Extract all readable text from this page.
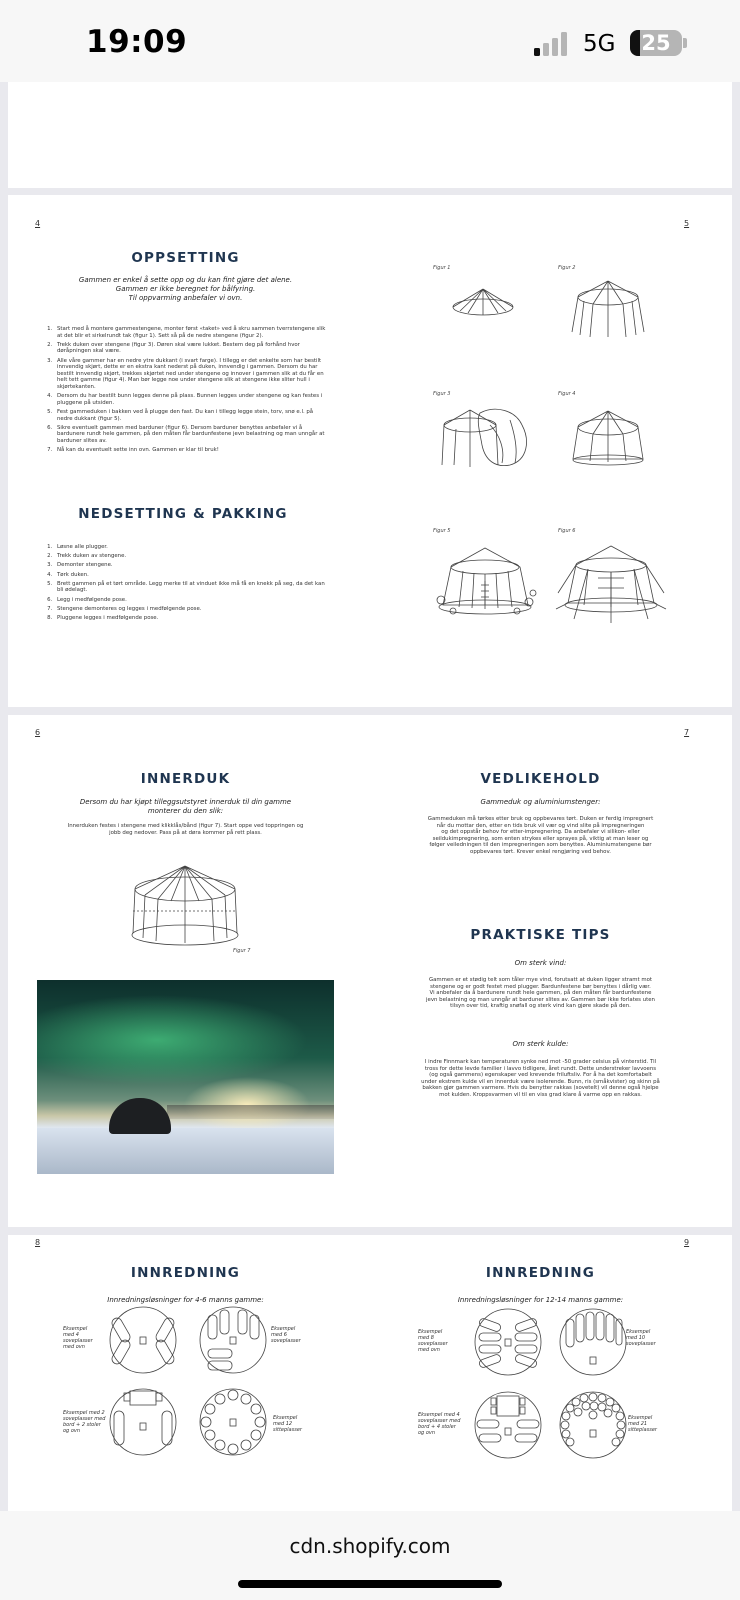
19:09	5G	25
4	5
OPPSETTING
Gammen er enkel å sette opp og du kan fint gjøre det alene.
Gammen er ikke beregnet for bålfyring.
Til oppvarming anbefaler vi ovn.
1. Start med å montere gammestengene, monter først «taket» ved å skru sammen tverrstengene slik at det blir et sirkelrundt tak (figur 1). Sett så på de nedre stengene (figur 2).
2. Trekk duken over stengene (figur 3). Døren skal være lukket. Bestem deg på forhånd hvor døråpningen skal være.
3. Alle våre gammer har en nedre ytre dukkant (i svart farge). I tillegg er det enkelte som har bestilt innvendig skjørt, dette er en ekstra kant nederst på duken, innvendig i gammen. Dersom du har bestilt innvendig skjørt, trekkes skjørtet ned under stengene og innover i gammen slik at du får en helt tett gamme (figur 4). Man bør legge noe under stengene slik at stengene ikke sliter hull i skjørtekanten.
4. Dersom du har bestilt bunn legges denne på plass. Bunnen legges under stengene og kan festes i pluggene på utsiden.
5. Fest gammeduken i bakken ved å plugge den fast. Du kan i tillegg legge stein, torv, snø e.l. på nedre dukkant (figur 5).
6. Sikre eventuelt gammen med barduner (figur 6). Dersom barduner benyttes anbefaler vi å bardunere rundt hele gammen, på den måten får bardunfestene jevn belastning og man unngår at barduner slites av.
7. Nå kan du eventuelt sette inn ovn. Gammen er klar til bruk!
NEDSETTING & PAKKING
1. Løsne alle plugger.
2. Trekk duken av stengene.
3. Demonter stengene.
4. Tørk duken.
5. Brett gammen på et tørt område. Legg merke til at vinduet ikke må få en knekk på seg, da det kan bli ødelagt.
6. Legg i medfølgende pose.
7. Stengene demonteres og legges i medfølgende pose.
8. Pluggene legges i medfølgende pose.
Figur 1	Figur 2
Figur 3	Figur 4
Figur 5	Figur 6
6	7
INNERDUK
Dersom du har kjøpt tilleggsutstyret innerduk til din gamme
monterer du den slik:
Innerduken festes i stengene med klikklås/bånd (figur 7). Start oppe ved toppringen og
jobb deg nedover. Pass på at døra kommer på rett plass.
Figur 7
VEDLIKEHOLD
Gammeduk og aluminiumstenger:
Gammeduken må tørkes etter bruk og oppbevares tørt. Duken er ferdig impregnert
når du mottar den, etter en tids bruk vil vær og vind slite på impregneringen
og det oppstår behov for etter-impregnering. Da anbefaler vi silikon- eller
seildukimpregnering, som enten strykes eller sprayes på, viktig at man leser og
følger veiledningen til den impregneringen som benyttes. Aluminiumstengene bør
oppbevares tørt. Krever enkel rengjøring ved behov.
PRAKTISKE TIPS
Om sterk vind:
Gammen er et stødig telt som tåler mye vind, forutsatt at duken ligger stramt mot
stengene og er godt festet med plugger. Bardunfestene bør benyttes i dårlig vær.
Vi anbefaler da å bardunere rundt hele gammen, på den måten får bardunfestene
jevn belastning og man unngår at barduner slites av. Gammen bør ikke forlates uten
tilsyn over tid, kraftig snøfall og sterk vind kan gjøre skade på den.
Om sterk kulde:
I indre Finnmark kan temperaturen synke ned mot -50 grader celsius på vinterstid. Til
tross for dette levde familier i lavvo tidligere, året rundt. Dette understreker lavvoens
(og også gammens) egenskaper ved krevende friluftsliv. For å ha det komfortabelt
under ekstrem kulde vil en innerduk være isolerende. Bunn, ris (småkvister) og skinn på
bakken gjør gammen varmere. Hvis du benytter rakkas (sovetelt) vil denne også hjelpe
mot kulden. Kroppsvarmen vil til en viss grad klare å varme opp en rakkas.
8	9
INNREDNING
Innredningsløsninger for 4-6 manns gamme:
INNREDNING
Innredningsløsninger for 12-14 manns gamme:
Eksempel
med 4
soveplasser
med ovn
Eksempel
med 6
soveplasser
Eksempel med 2
soveplasser med
bord + 2 stoler
og ovn
Eksempel
med 12
sitteplasser
Eksempel
med 8
soveplasser
med ovn
Eksempel
med 10
soveplasser
Eksempel med 4
soveplasser med
bord + 4 stoler
og ovn
Eksempel
med 21
sitteplasser
cdn.shopify.com
